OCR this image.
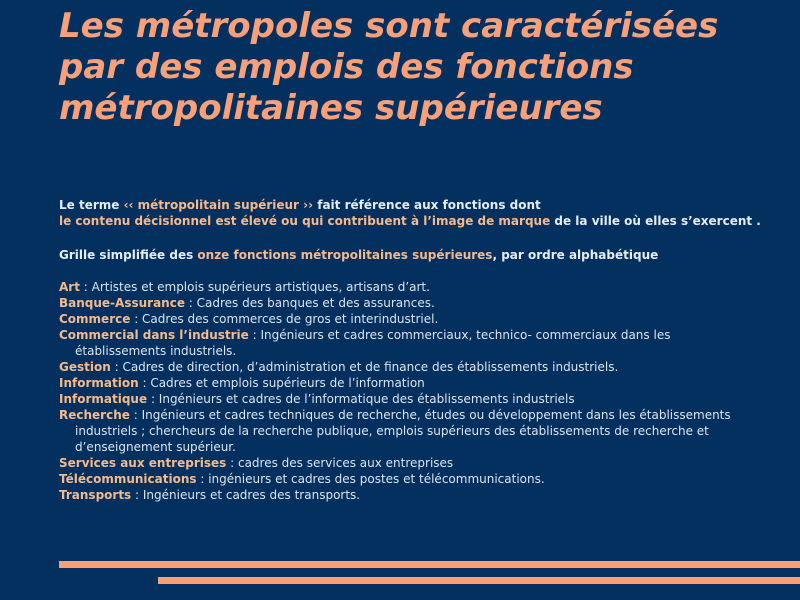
Les métropoles sont caractérisées
par des emplois des fonctions
métropolitaines supérieures
Le terme ‹‹ métropolitain supérieur ›› fait référence aux fonctions dont
le contenu décisionnel est élevé ou qui contribuent à l’image de marque de la ville où elles s’exercent .
Grille simplifiée des onze fonctions métropolitaines supérieures, par ordre alphabétique
Art : Artistes et emplois supérieurs artistiques, artisans d’art.
Banque-Assurance : Cadres des banques et des assurances.
Commerce : Cadres des commerces de gros et interindustriel.
Commercial dans l’industrie : Ingénieurs et cadres commerciaux, technico- commerciaux dans les établissements industriels.
Gestion : Cadres de direction, d’administration et de finance des établissements industriels.
Information : Cadres et emplois supérieurs de l’information
Informatique : Ingénieurs et cadres de l’informatique des établissements industriels
Recherche : Ingénieurs et cadres techniques de recherche, études ou développement dans les établissements industriels ; chercheurs de la recherche publique, emplois supérieurs des établissements de recherche et d’enseignement supérieur.
Services aux entreprises : cadres des services aux entreprises
Télécommunications : ingénieurs et cadres des postes et télécommunications.
Transports : Ingénieurs et cadres des transports.
